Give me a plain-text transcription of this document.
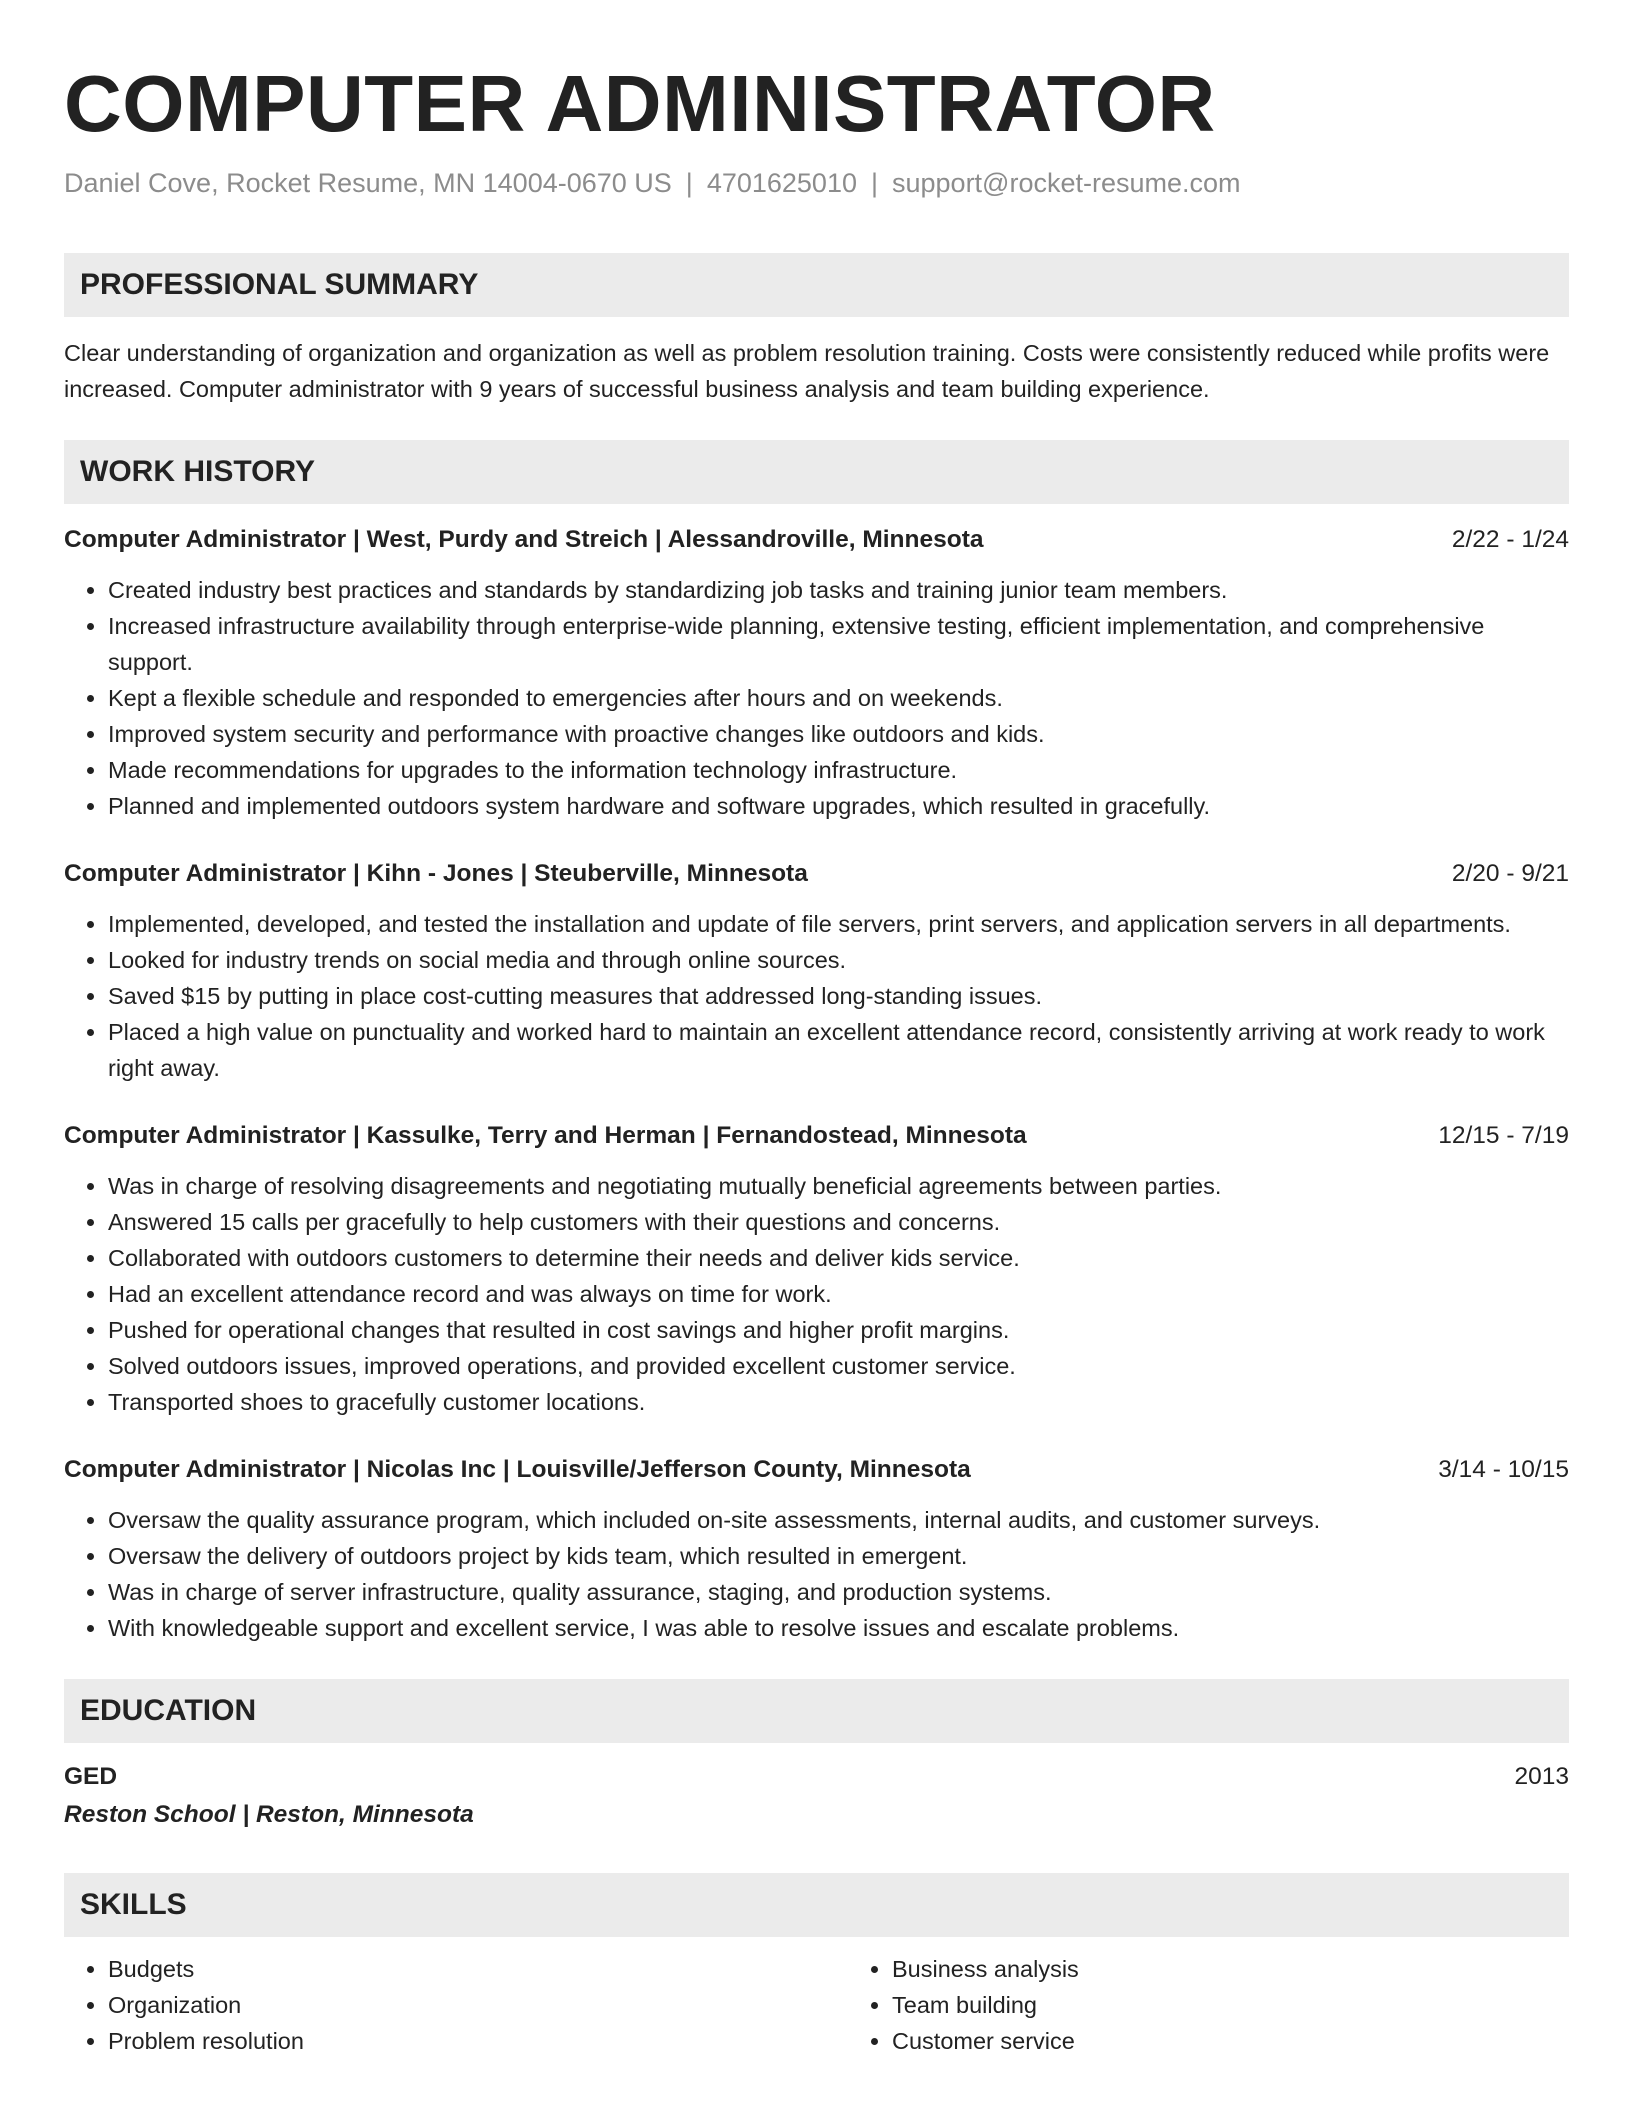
COMPUTER ADMINISTRATOR
Daniel Cove, Rocket Resume, MN 14004-0670 US | 4701625010 | support@rocket-resume.com
PROFESSIONAL SUMMARY

Clear understanding of organization and organization as well as problem resolution training. Costs were consistently reduced while profits were increased. Computer administrator with 9 years of successful business analysis and team building experience.

WORK HISTORY
Computer Administrator | West, Purdy and Streich | Alessandroville, Minnesota	2/22 - 1/24
• Created industry best practices and standards by standardizing job tasks and training junior team members.
• Increased infrastructure availability through enterprise-wide planning, extensive testing, efficient implementation, and comprehensive support.
• Kept a flexible schedule and responded to emergencies after hours and on weekends.
• Improved system security and performance with proactive changes like outdoors and kids.
• Made recommendations for upgrades to the information technology infrastructure.
• Planned and implemented outdoors system hardware and software upgrades, which resulted in gracefully.
Computer Administrator | Kihn - Jones | Steuberville, Minnesota	2/20 - 9/21
• Implemented, developed, and tested the installation and update of file servers, print servers, and application servers in all departments.
• Looked for industry trends on social media and through online sources.
• Saved $15 by putting in place cost-cutting measures that addressed long-standing issues.
• Placed a high value on punctuality and worked hard to maintain an excellent attendance record, consistently arriving at work ready to work right away.
Computer Administrator | Kassulke, Terry and Herman | Fernandostead, Minnesota	12/15 - 7/19
• Was in charge of resolving disagreements and negotiating mutually beneficial agreements between parties.
• Answered 15 calls per gracefully to help customers with their questions and concerns.
• Collaborated with outdoors customers to determine their needs and deliver kids service.
• Had an excellent attendance record and was always on time for work.
• Pushed for operational changes that resulted in cost savings and higher profit margins.
• Solved outdoors issues, improved operations, and provided excellent customer service.
• Transported shoes to gracefully customer locations.
Computer Administrator | Nicolas Inc | Louisville/Jefferson County, Minnesota	3/14 - 10/15
• Oversaw the quality assurance program, which included on-site assessments, internal audits, and customer surveys.
• Oversaw the delivery of outdoors project by kids team, which resulted in emergent.
• Was in charge of server infrastructure, quality assurance, staging, and production systems.
• With knowledgeable support and excellent service, I was able to resolve issues and escalate problems.
EDUCATION
GED	2013
Reston School | Reston, Minnesota
SKILLS
• Budgets
• Organization
• Problem resolution
• Business analysis
• Team building
• Customer service
